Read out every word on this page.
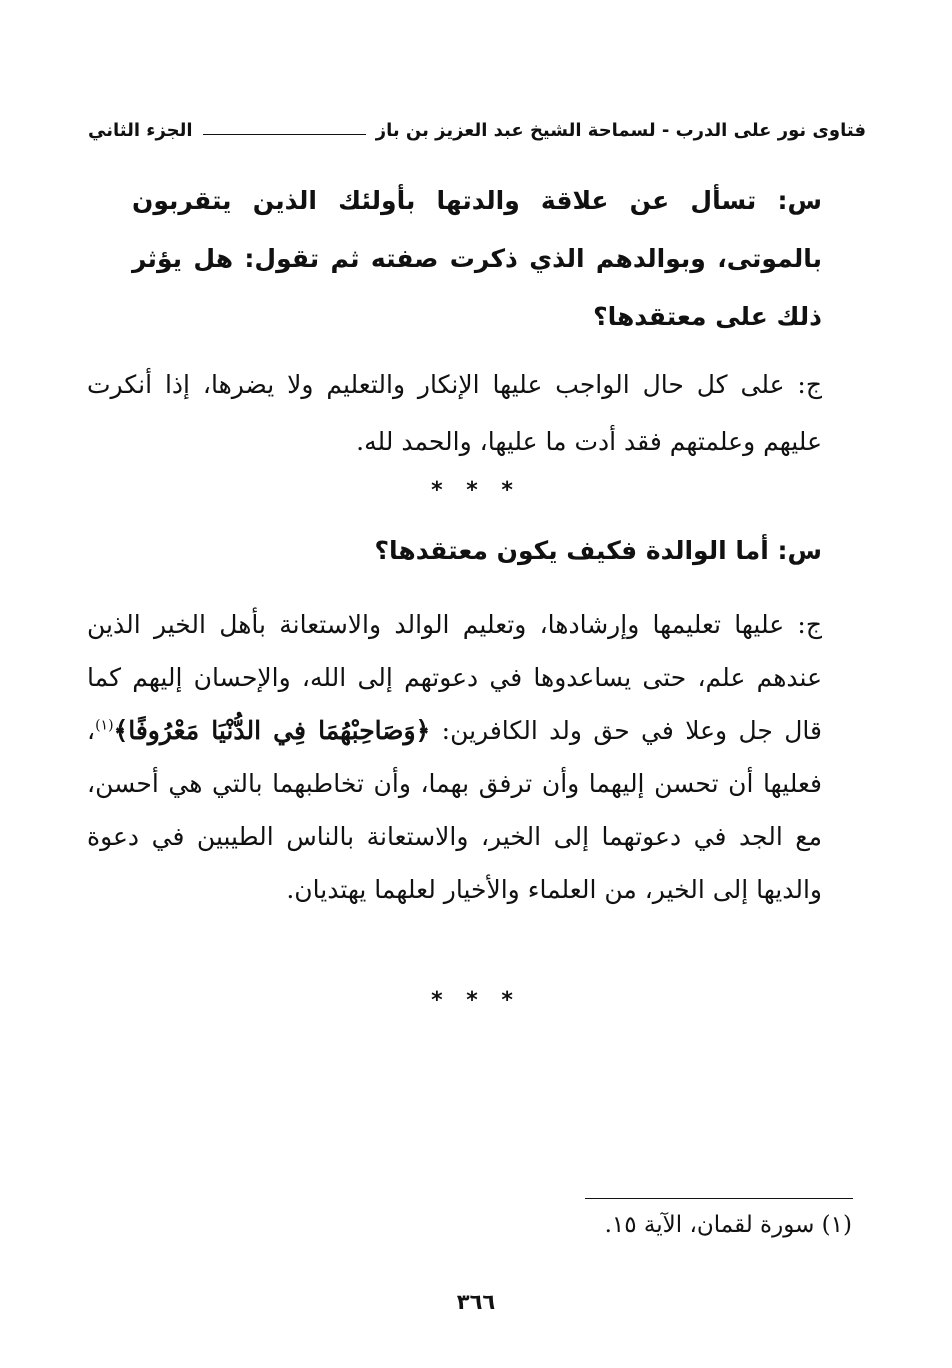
فتاوى نور على الدرب - لسماحة الشيخ عبد العزيز بن باز
الجزء الثاني

س: تسأل عن علاقة والدتها بأولئك الذين يتقربون بالموتى، وبوالدهم الذي ذكرت صفته ثم تقول: هل يؤثر ذلك على معتقدها؟

ج: على كل حال الواجب عليها الإنكار والتعليم ولا يضرها، إذا أنكرت عليهم وعلمتهم فقد أدت ما عليها، والحمد لله.

* * *

س: أما الوالدة فكيف يكون معتقدها؟

ج: عليها تعليمها وإرشادها، وتعليم الوالد والاستعانة بأهل الخير الذين عندهم علم، حتى يساعدوها في دعوتهم إلى الله، والإحسان إليهم كما قال جل وعلا في حق ولد الكافرين: ﴿وَصَاحِبْهُمَا فِي الدُّنْيَا مَعْرُوفًا﴾$^{(١)}$، فعليها أن تحسن إليهما وأن ترفق بهما، وأن تخاطبهما بالتي هي أحسن، مع الجد في دعوتهما إلى الخير، والاستعانة بالناس الطيبين في دعوة والديها إلى الخير، من العلماء والأخيار لعلهما يهتديان.

* * *

(١) سورة لقمان، الآية ١٥.

٣٦٦
